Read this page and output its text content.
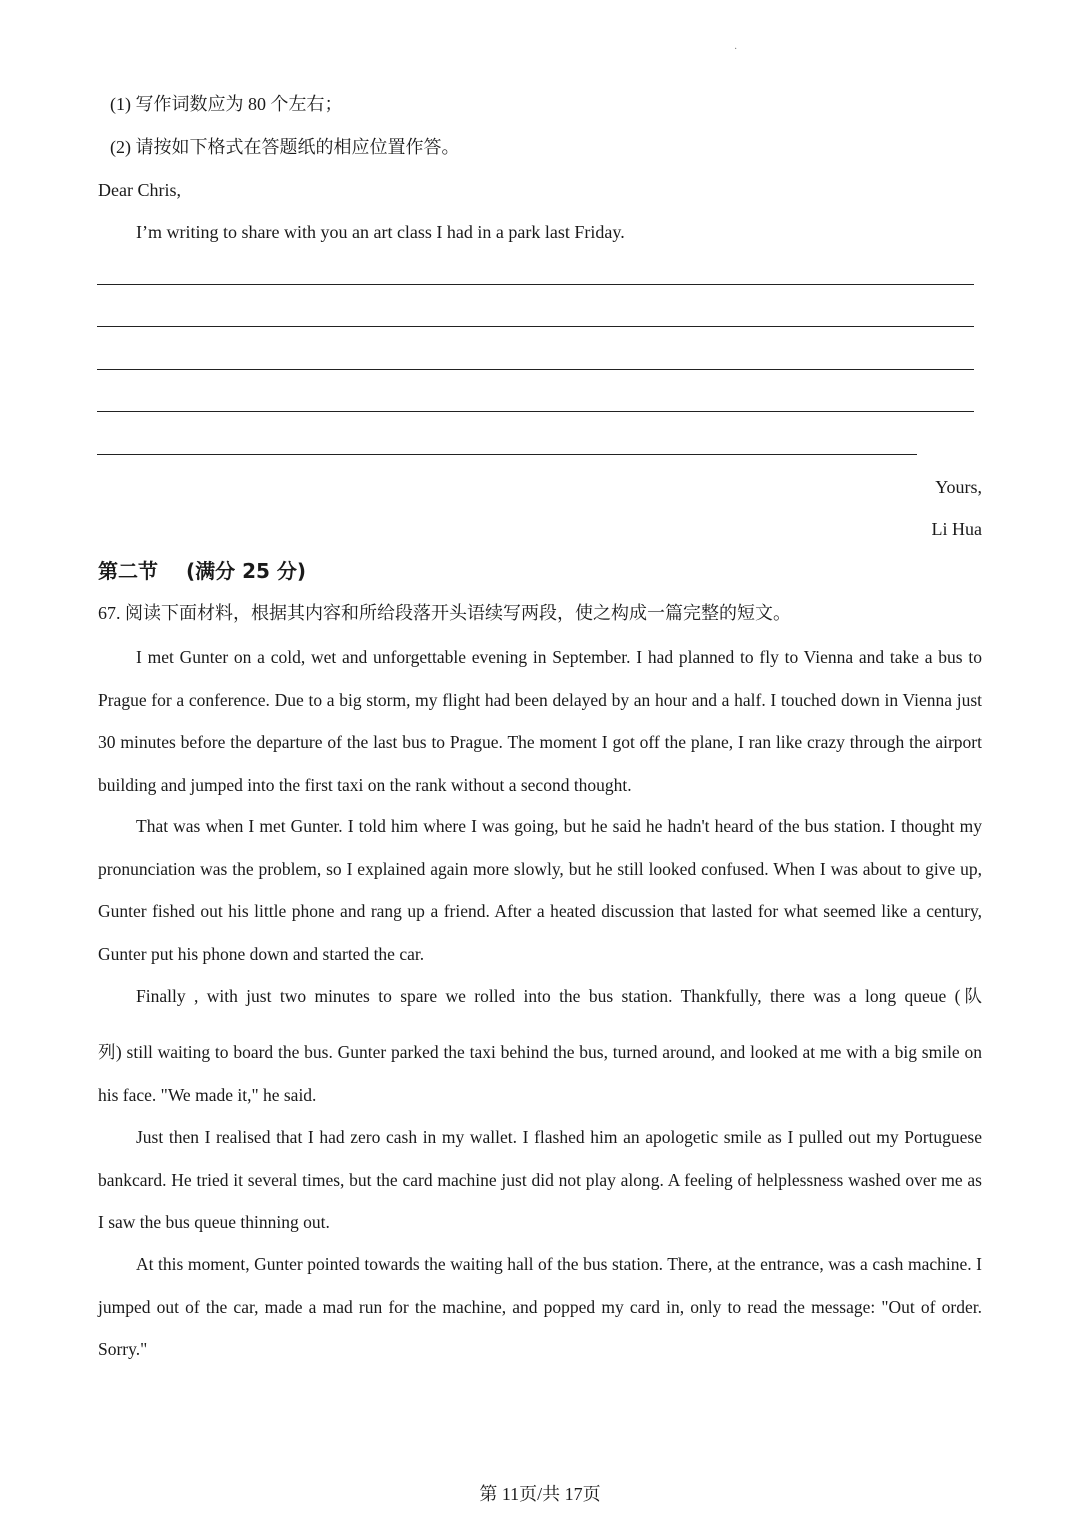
·
(1) 写作词数应为 80 个左右；
(2) 请按如下格式在答题纸的相应位置作答。
Dear Chris,
I’m writing to share with you an art class I had in a park last Friday.
Yours,
Li Hua
第二节 (满分 25 分)
67. 阅读下面材料，根据其内容和所给段落开头语续写两段，使之构成一篇完整的短文。

I met Gunter on a cold, wet and unforgettable evening in September. I had planned to fly to Vienna and take a bus to Prague for a conference. Due to a big storm, my flight had been delayed by an hour and a half. I touched down in Vienna just 30 minutes before the departure of the last bus to Prague. The moment I got off the plane, I ran like crazy through the airport building and jumped into the first taxi on the rank without a second thought.

That was when I met Gunter. I told him where I was going, but he said he hadn't heard of the bus station. I thought my pronunciation was the problem, so I explained again more slowly, but he still looked confused. When I was about to give up, Gunter fished out his little phone and rang up a friend. After a heated discussion that lasted for what seemed like a century, Gunter put his phone down and started the car.

Finally , with just two minutes to spare we rolled into the bus station. Thankfully, there was a long queue (队
列) still waiting to board the bus. Gunter parked the taxi behind the bus, turned around, and looked at me with a big smile on his face. "We made it," he said.

Just then I realised that I had zero cash in my wallet. I flashed him an apologetic smile as I pulled out my Portuguese bankcard. He tried it several times, but the card machine just did not play along. A feeling of helplessness washed over me as I saw the bus queue thinning out.

At this moment, Gunter pointed towards the waiting hall of the bus station. There, at the entrance, was a cash machine. I jumped out of the car, made a mad run for the machine, and popped my card in, only to read the message: "Out of order. Sorry."

第 11页/共 17页
